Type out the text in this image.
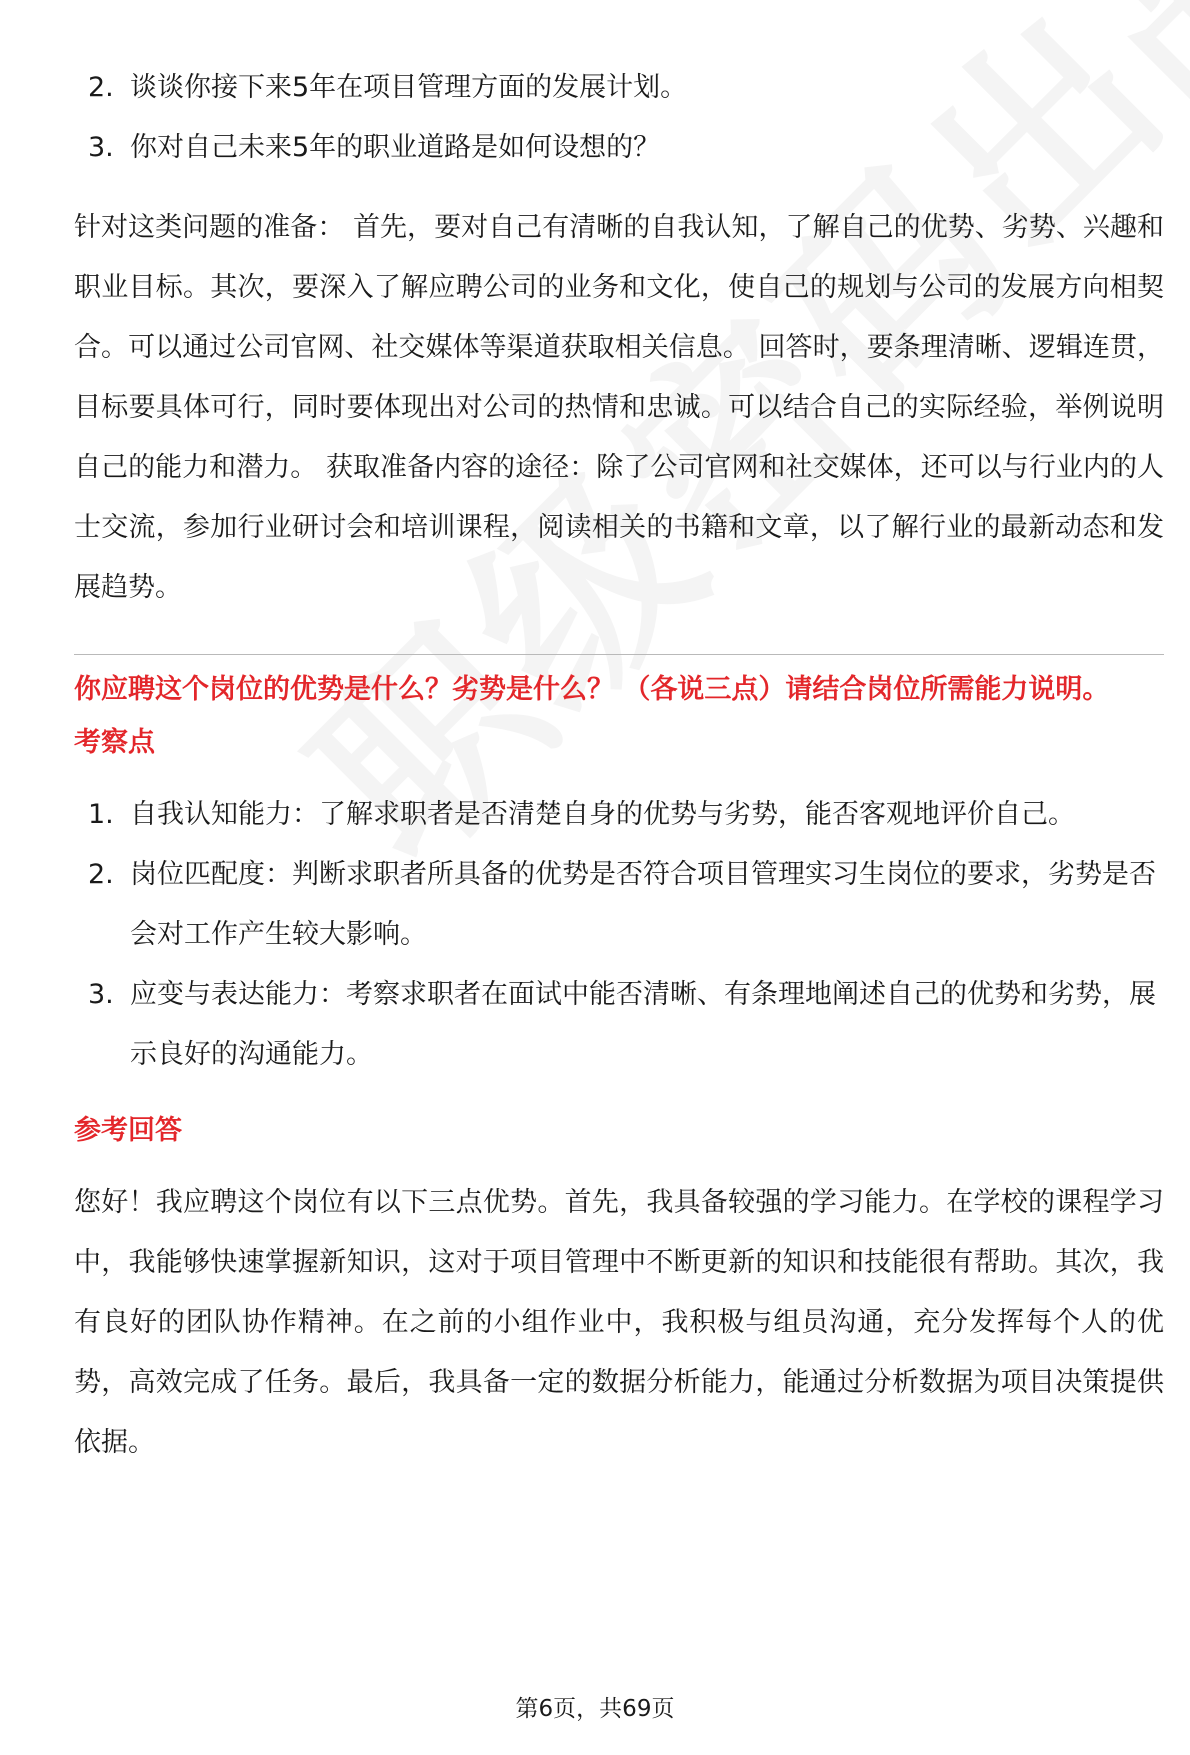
2. 谈谈你接下来5年在项目管理方面的发展计划。
3. 你对自己未来5年的职业道路是如何设想的？

针对这类问题的准备： 首先，要对自己有清晰的自我认知，了解自己的优势、劣势、兴趣和职业目标。其次，要深入了解应聘公司的业务和文化，使自己的规划与公司的发展方向相契合。可以通过公司官网、社交媒体等渠道获取相关信息。 回答时，要条理清晰、逻辑连贯，目标要具体可行，同时要体现出对公司的热情和忠诚。可以结合自己的实际经验，举例说明自己的能力和潜力。 获取准备内容的途径：除了公司官网和社交媒体，还可以与行业内的人士交流，参加行业研讨会和培训课程，阅读相关的书籍和文章，以了解行业的最新动态和发展趋势。

你应聘这个岗位的优势是什么？劣势是什么？ （各说三点）请结合岗位所需能力说明。

考察点

1. 自我认知能力：了解求职者是否清楚自身的优势与劣势，能否客观地评价自己。
2. 岗位匹配度：判断求职者所具备的优势是否符合项目管理实习生岗位的要求，劣势是否会对工作产生较大影响。
3. 应变与表达能力：考察求职者在面试中能否清晰、有条理地阐述自己的优势和劣势，展示良好的沟通能力。

参考回答

您好！我应聘这个岗位有以下三点优势。首先，我具备较强的学习能力。在学校的课程学习中，我能够快速掌握新知识，这对于项目管理中不断更新的知识和技能很有帮助。其次，我有良好的团队协作精神。在之前的小组作业中，我积极与组员沟通，充分发挥每个人的优势，高效完成了任务。最后，我具备一定的数据分析能力，能通过分析数据为项目决策提供依据。

第6页，共69页
